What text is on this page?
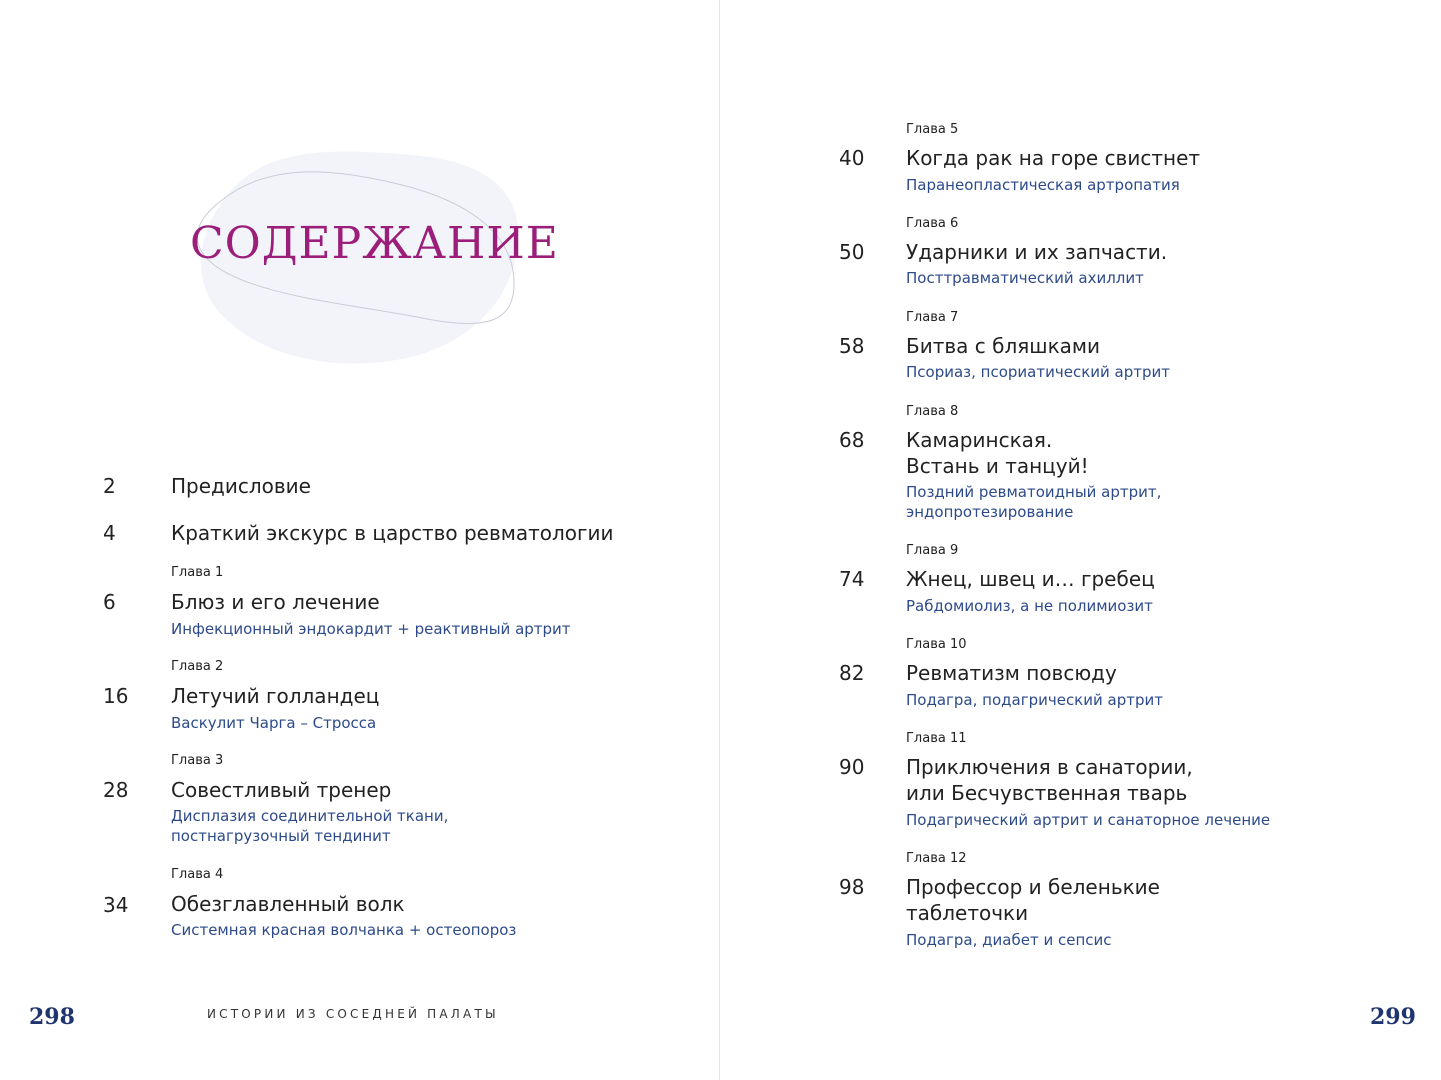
СОДЕРЖАНИЕ
2	Предисловие
4	Краткий экскурс в царство ревматологии
Глава 1
6	Блюз и его лечение
Инфекционный эндокардит + реактивный артрит
Глава 2
16 Летучий голландец
Васкулит Чарга – Стросса
Глава 3
28 Совестливый тренер
Дисплазия соединительной ткани,
постнагрузочный тендинит
Глава 4
34 Обезглавленный волк
Системная красная волчанка + остеопороз
298	ИСТОРИИ ИЗ СОСЕДНЕЙ ПАЛАТЫ
Глава 5
40 Когда рак на горе свистнет
Паранеопластическая артропатия
Глава 6
50 Ударники и их запчасти.
Посттравматический ахиллит
Глава 7
58 Битва с бляшками
Псориаз, псориатический артрит
Глава 8
68 Камаринская.
Встань и танцуй!
Поздний ревматоидный артрит,
эндопротезирование
Глава 9
74 Жнец, швец и… гребец
Рабдомиолиз, а не полимиозит
Глава 10
82 Ревматизм повсюду
Подагра, подагрический артрит
Глава 11
90 Приключения в санатории,
или Бесчувственная тварь
Подагрический артрит и санаторное лечение
Глава 12
98 Профессор и беленькие
таблеточки
Подагра, диабет и сепсис
299
